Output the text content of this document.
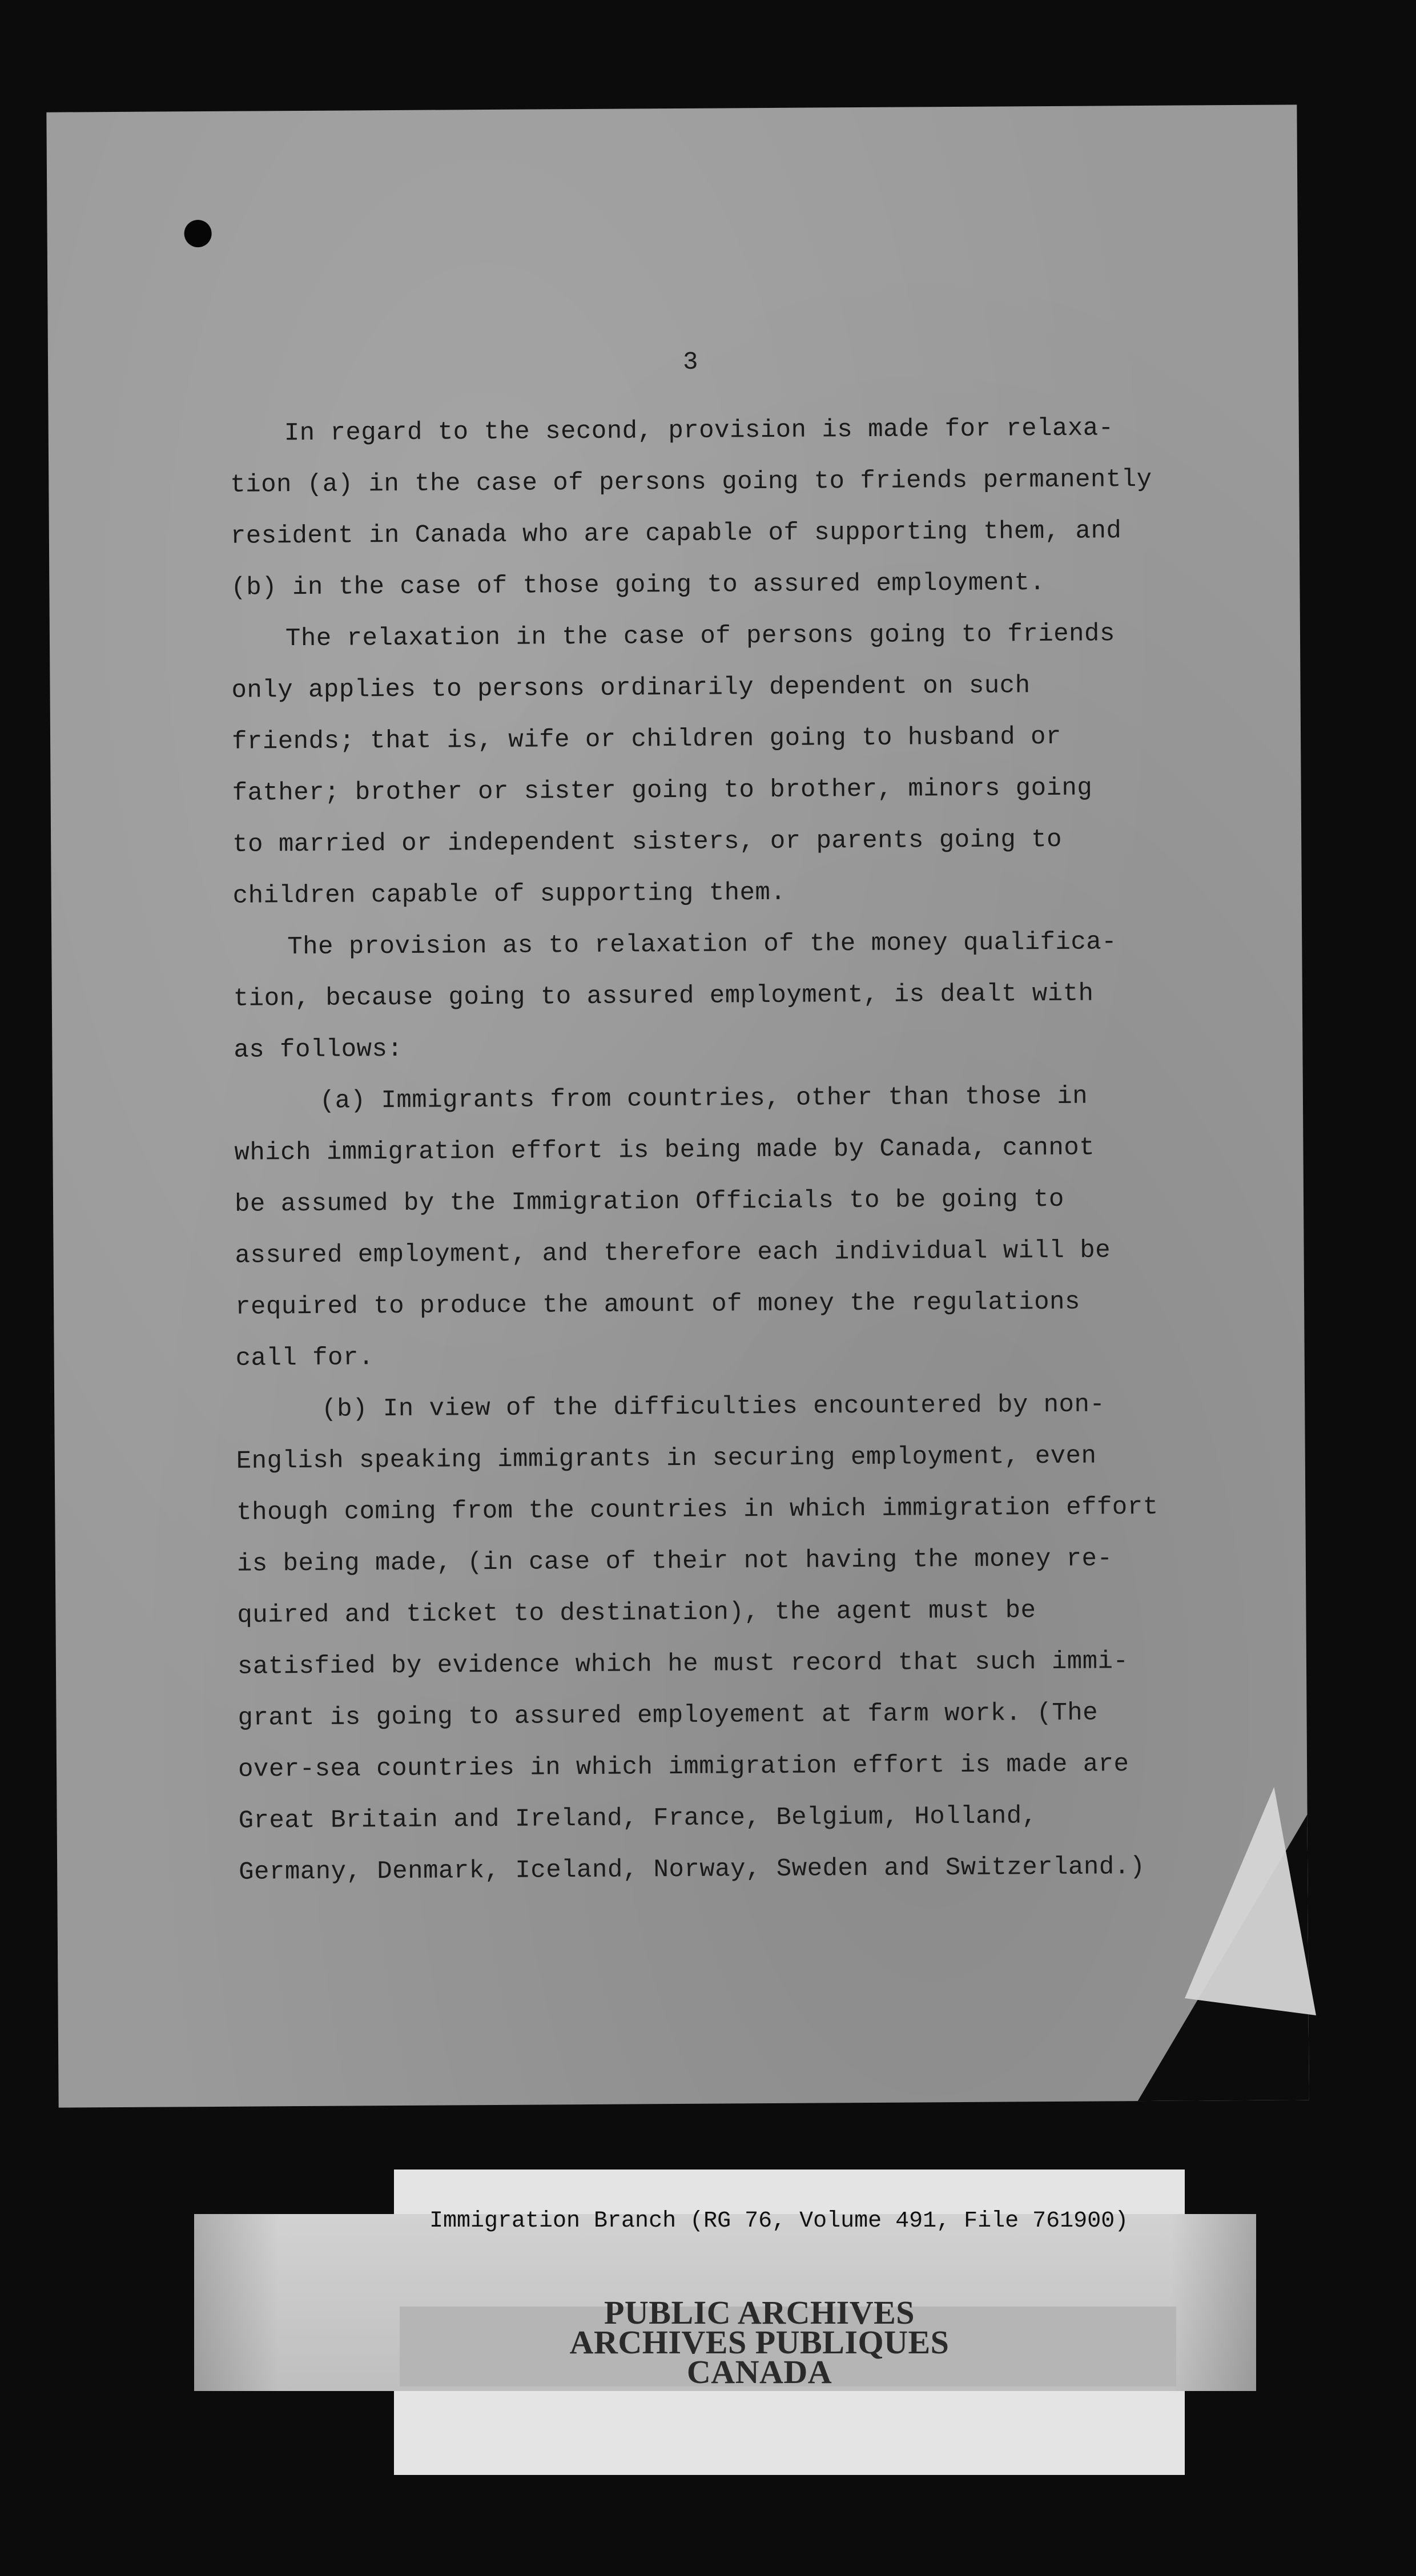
3

In regard to the second, provision is made for relaxa-

tion (a) in the case of persons going to friends permanently

resident in Canada who are capable of supporting them, and

(b) in the case of those going to assured employment.

The relaxation in the case of persons going to friends

only applies to persons ordinarily dependent on such

friends; that is, wife or children going to husband or

father; brother or sister going to brother, minors going

to married or independent sisters, or parents going to

children capable of supporting them.

The provision as to relaxation of the money qualifica-

tion, because going to assured employment, is dealt with

as follows:

(a) Immigrants from countries, other than those in

which immigration effort is being made by Canada, cannot

be assumed by the Immigration Officials to be going to

assured employment, and therefore each individual will be

required to produce the amount of money the regulations

call for.

(b) In view of the difficulties encountered by non-

English speaking immigrants in securing employment, even

though coming from the countries in which immigration effort

is being made, (in case of their not having the money re-

quired and ticket to destination), the agent must be

satisfied by evidence which he must record that such immi-

grant is going to assured employement at farm work. (The

over-sea countries in which immigration effort is made are

Great Britain and Ireland, France, Belgium, Holland,

Germany, Denmark, Iceland, Norway, Sweden and Switzerland.)

Immigration Branch (RG 76, Volume 491, File 761900)

PUBLIC ARCHIVES
ARCHIVES PUBLIQUES
CANADA
